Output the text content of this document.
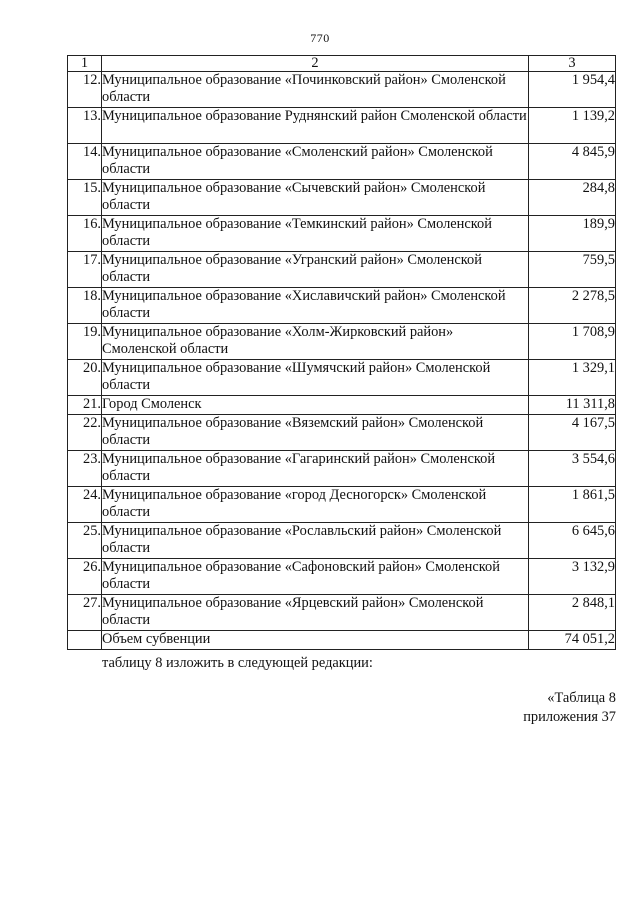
770
1	2	3
12.	Муниципальное образование «Починковский район» Смоленской области	1 954,4
13.	Муниципальное образование Руднянский район Смоленской области	1 139,2
14.	Муниципальное образование «Смоленский район» Смоленской области	4 845,9
15.	Муниципальное образование «Сычевский район» Смоленской области	284,8
16.	Муниципальное образование «Темкинский район» Смоленской области	189,9
17.	Муниципальное образование «Угранский район» Смоленской области	759,5
18.	Муниципальное образование «Хиславичский район» Смоленской области	2 278,5
19.	Муниципальное образование «Холм-Жирковский район» Смоленской области	1 708,9
20.	Муниципальное образование «Шумячский район» Смоленской области	1 329,1
21.	Город Смоленск	11 311,8
22.	Муниципальное образование «Вяземский район» Смоленской области	4 167,5
23.	Муниципальное образование «Гагаринский район» Смоленской области	3 554,6
24.	Муниципальное образование «город Десногорск» Смоленской области	1 861,5
25.	Муниципальное образование «Рославльский район» Смоленской области	6 645,6
26.	Муниципальное образование «Сафоновский район» Смоленской области	3 132,9
27.	Муниципальное образование «Ярцевский район» Смоленской области	2 848,1
	Объем субвенции	74 051,2
таблицу 8 изложить в следующей редакции:
«Таблица 8
приложения 37
